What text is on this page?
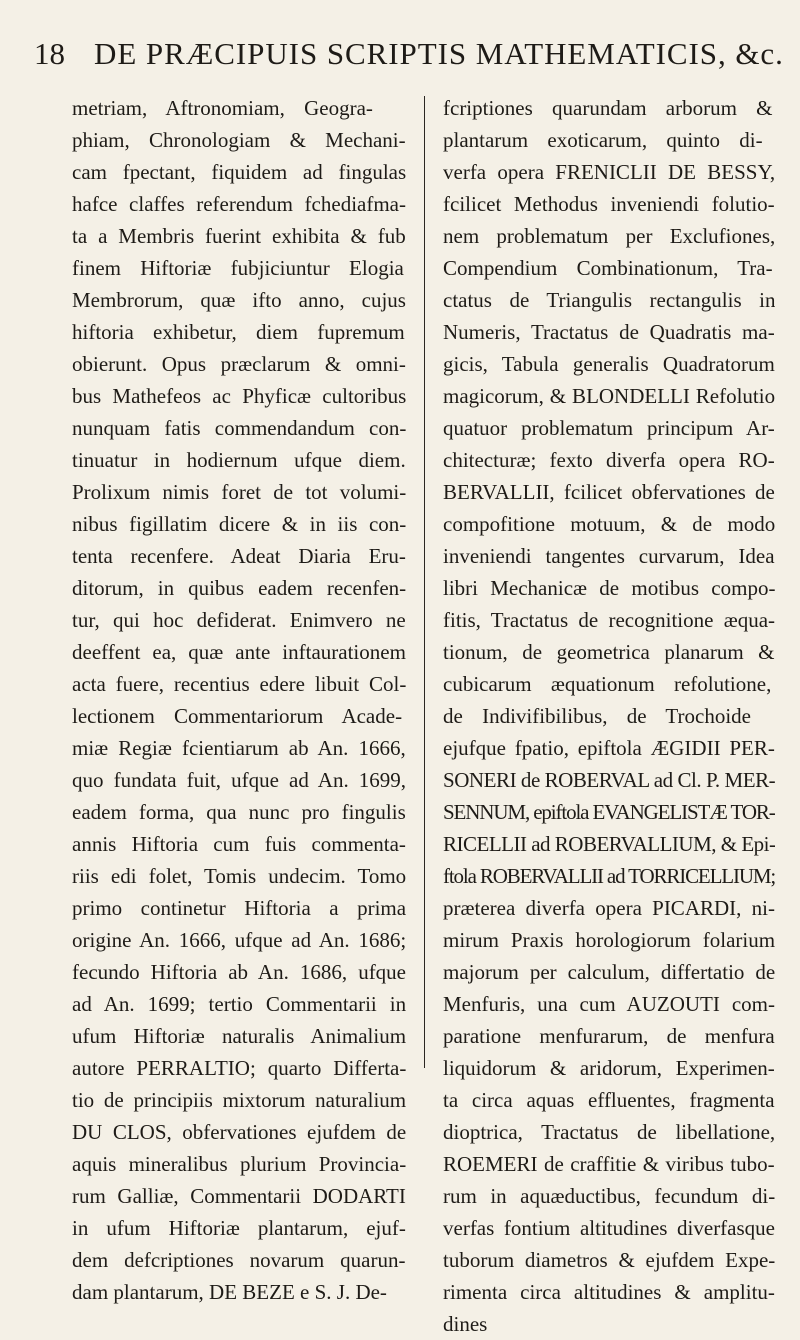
18 DE PRÆCIPUIS SCRIPTIS MATHEMATICIS, &c.
metriam, Aftronomiam, Geogra-
phiam, Chronologiam & Mechani-
cam fpectant, fiquidem ad fingulas
hafce claffes referendum fchediafma-
ta a Membris fuerint exhibita & fub
finem Hiftoriæ fubjiciuntur Elogia
Membrorum, quæ ifto anno, cujus
hiftoria exhibetur, diem fupremum
obierunt. Opus præclarum & omni-
bus Mathefeos ac Phyficæ cultoribus
nunquam fatis commendandum con-
tinuatur in hodiernum ufque diem.
Prolixum nimis foret de tot volumi-
nibus figillatim dicere & in iis con-
tenta recenfere. Adeat Diaria Eru-
ditorum, in quibus eadem recenfen-
tur, qui hoc defiderat. Enimvero ne
deeffent ea, quæ ante inftaurationem
acta fuere, recentius edere libuit Col-
lectionem Commentariorum Acade-
miæ Regiæ fcientiarum ab An. 1666,
quo fundata fuit, ufque ad An. 1699,
eadem forma, qua nunc pro fingulis
annis Hiftoria cum fuis commenta-
riis edi folet, Tomis undecim. Tomo
primo continetur Hiftoria a prima
origine An. 1666, ufque ad An. 1686;
fecundo Hiftoria ab An. 1686, ufque
ad An. 1699; tertio Commentarii in
ufum Hiftoriæ naturalis Animalium
autore PERRALTIO; quarto Differta-
tio de principiis mixtorum naturalium
DU CLOS, obfervationes ejufdem de
aquis mineralibus plurium Provincia-
rum Galliæ, Commentarii DODARTI
in ufum Hiftoriæ plantarum, ejuf-
dem defcriptiones novarum quarun-
dam plantarum, DE BEZE e S. J. De-
fcriptiones quarundam arborum &
plantarum exoticarum, quinto di-
verfa opera FRENICLII DE BESSY,
fcilicet Methodus inveniendi folutio-
nem problematum per Exclufiones,
Compendium Combinationum, Tra-
ctatus de Triangulis rectangulis in
Numeris, Tractatus de Quadratis ma-
gicis, Tabula generalis Quadratorum
magicorum, & BLONDELLI Refolutio
quatuor problematum principum Ar-
chitecturæ; fexto diverfa opera RO-
BERVALLII, fcilicet obfervationes de
compofitione motuum, & de modo
inveniendi tangentes curvarum, Idea
libri Mechanicæ de motibus compo-
fitis, Tractatus de recognitione æqua-
tionum, de geometrica planarum &
cubicarum æquationum refolutione,
de Indivifibilibus, de Trochoide
ejufque fpatio, epiftola ÆGIDII PER-
SONERI de ROBERVAL ad Cl. P. MER-
SENNUM, epiftola EVANGELISTÆ TOR-
RICELLII ad ROBERVALLIUM, & Epi-
ftola ROBERVALLII ad TORRICELLIUM;
præterea diverfa opera PICARDI, ni-
mirum Praxis horologiorum folarium
majorum per calculum, differtatio de
Menfuris, una cum AUZOUTI com-
paratione menfurarum, de menfura
liquidorum & aridorum, Experimen-
ta circa aquas effluentes, fragmenta
dioptrica, Tractatus de libellatione,
ROEMERI de craffitie & viribus tubo-
rum in aquæductibus, fecundum di-
verfas fontium altitudines diverfasque
tuborum diametros & ejufdem Expe-
rimenta circa altitudines & amplitu-
dines
